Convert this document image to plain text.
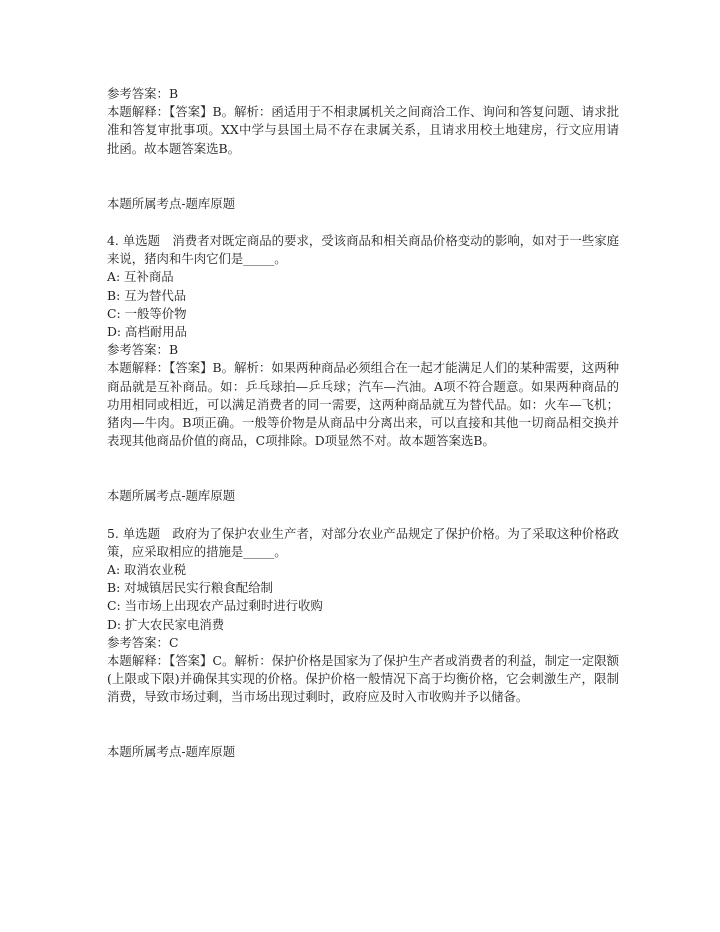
参考答案：B
本题解释：【答案】B。解析：函适用于不相隶属机关之间商洽工作、询问和答复问题、请求批准和答复审批事项。XX中学与县国土局不存在隶属关系，且请求用校土地建房，行文应用请批函。故本题答案选B。
本题所属考点-题库原题
4. 单选题　消费者对既定商品的要求，受该商品和相关商品价格变动的影响，如对于一些家庭来说，猪肉和牛肉它们是_____。
A: 互补商品
B: 互为替代品
C: 一般等价物
D: 高档耐用品
参考答案：B
本题解释：【答案】B。解析：如果两种商品必须组合在一起才能满足人们的某种需要，这两种商品就是互补商品。如：乒乓球拍—乒乓球；汽车—汽油。A项不符合题意。如果两种商品的功用相同或相近，可以满足消费者的同一需要，这两种商品就互为替代品。如：火车—飞机；猪肉—牛肉。B项正确。一般等价物是从商品中分离出来，可以直接和其他一切商品相交换并表现其他商品价值的商品，C项排除。D项显然不对。故本题答案选B。
本题所属考点-题库原题
5. 单选题　政府为了保护农业生产者，对部分农业产品规定了保护价格。为了采取这种价格政策，应采取相应的措施是_____。
A: 取消农业税
B: 对城镇居民实行粮食配给制
C: 当市场上出现农产品过剩时进行收购
D: 扩大农民家电消费
参考答案：C
本题解释：【答案】C。解析：保护价格是国家为了保护生产者或消费者的利益，制定一定限额(上限或下限)并确保其实现的价格。保护价格一般情况下高于均衡价格，它会刺激生产，限制消费，导致市场过剩，当市场出现过剩时，政府应及时入市收购并予以储备。
本题所属考点-题库原题
